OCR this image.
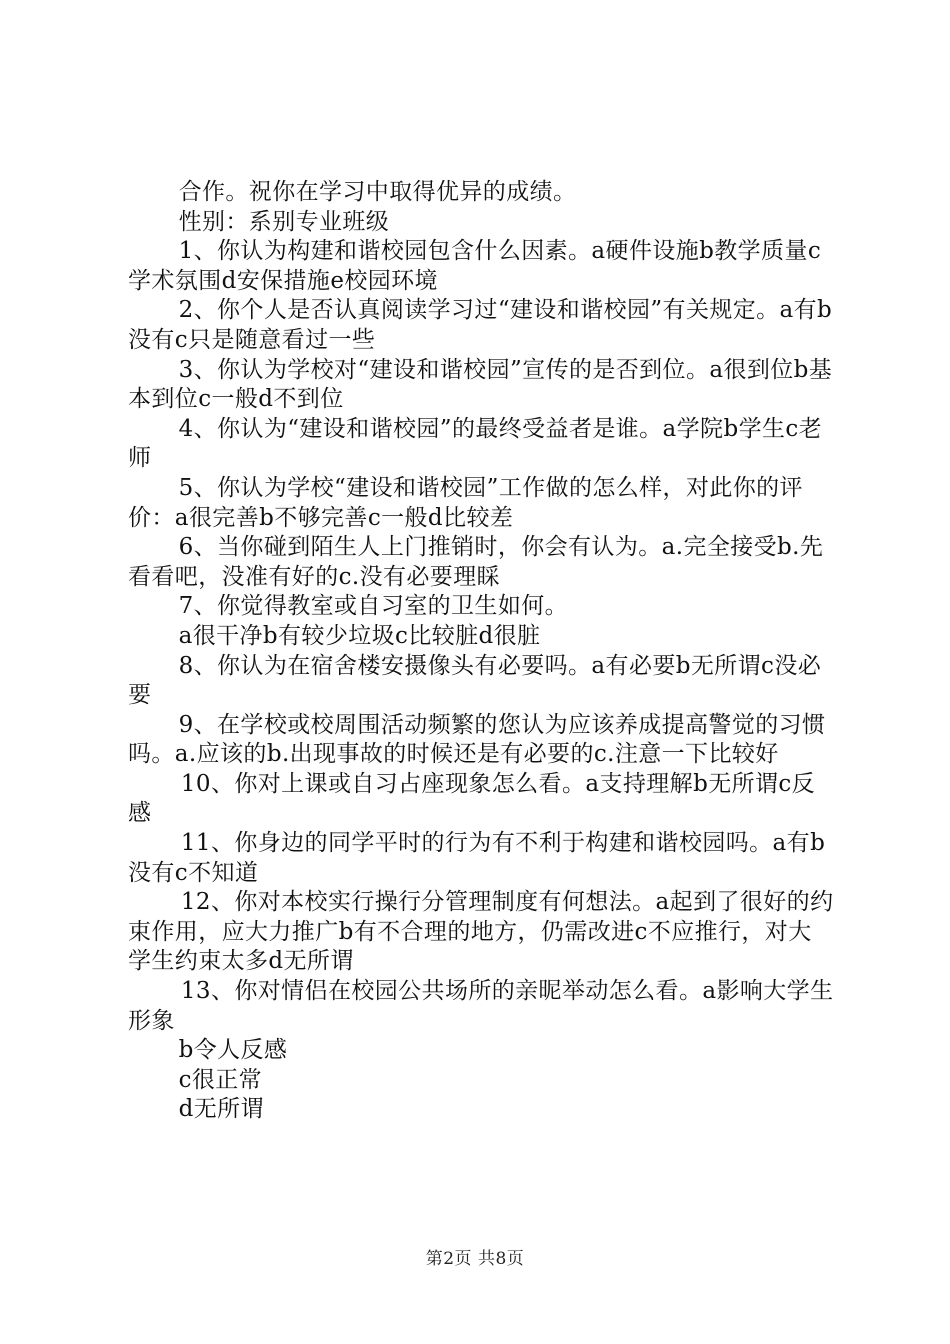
合作。祝你在学习中取得优异的成绩。

性别：系别专业班级

1、你认为构建和谐校园包含什么因素。a硬件设施b教学质量c学术氛围d安保措施e校园环境

2、你个人是否认真阅读学习过“建设和谐校园”有关规定。a有b没有c只是随意看过一些

3、你认为学校对“建设和谐校园”宣传的是否到位。a很到位b基本到位c一般d不到位

4、你认为“建设和谐校园”的最终受益者是谁。a学院b学生c老师

5、你认为学校“建设和谐校园”工作做的怎么样，对此你的评价：a很完善b不够完善c一般d比较差

6、当你碰到陌生人上门推销时，你会有认为。a.完全接受b.先看看吧，没准有好的c.没有必要理睬

7、你觉得教室或自习室的卫生如何。

a很干净b有较少垃圾c比较脏d很脏

8、你认为在宿舍楼安摄像头有必要吗。a有必要b无所谓c没必要

9、在学校或校周围活动频繁的您认为应该养成提高警觉的习惯吗。a.应该的b.出现事故的时候还是有必要的c.注意一下比较好

10、你对上课或自习占座现象怎么看。a支持理解b无所谓c反感

11、你身边的同学平时的行为有不利于构建和谐校园吗。a有b没有c不知道

12、你对本校实行操行分管理制度有何想法。a起到了很好的约束作用，应大力推广b有不合理的地方，仍需改进c不应推行，对大学生约束太多d无所谓

13、你对情侣在校园公共场所的亲昵举动怎么看。a影响大学生形象

b令人反感

c很正常

d无所谓

第2页 共8页
